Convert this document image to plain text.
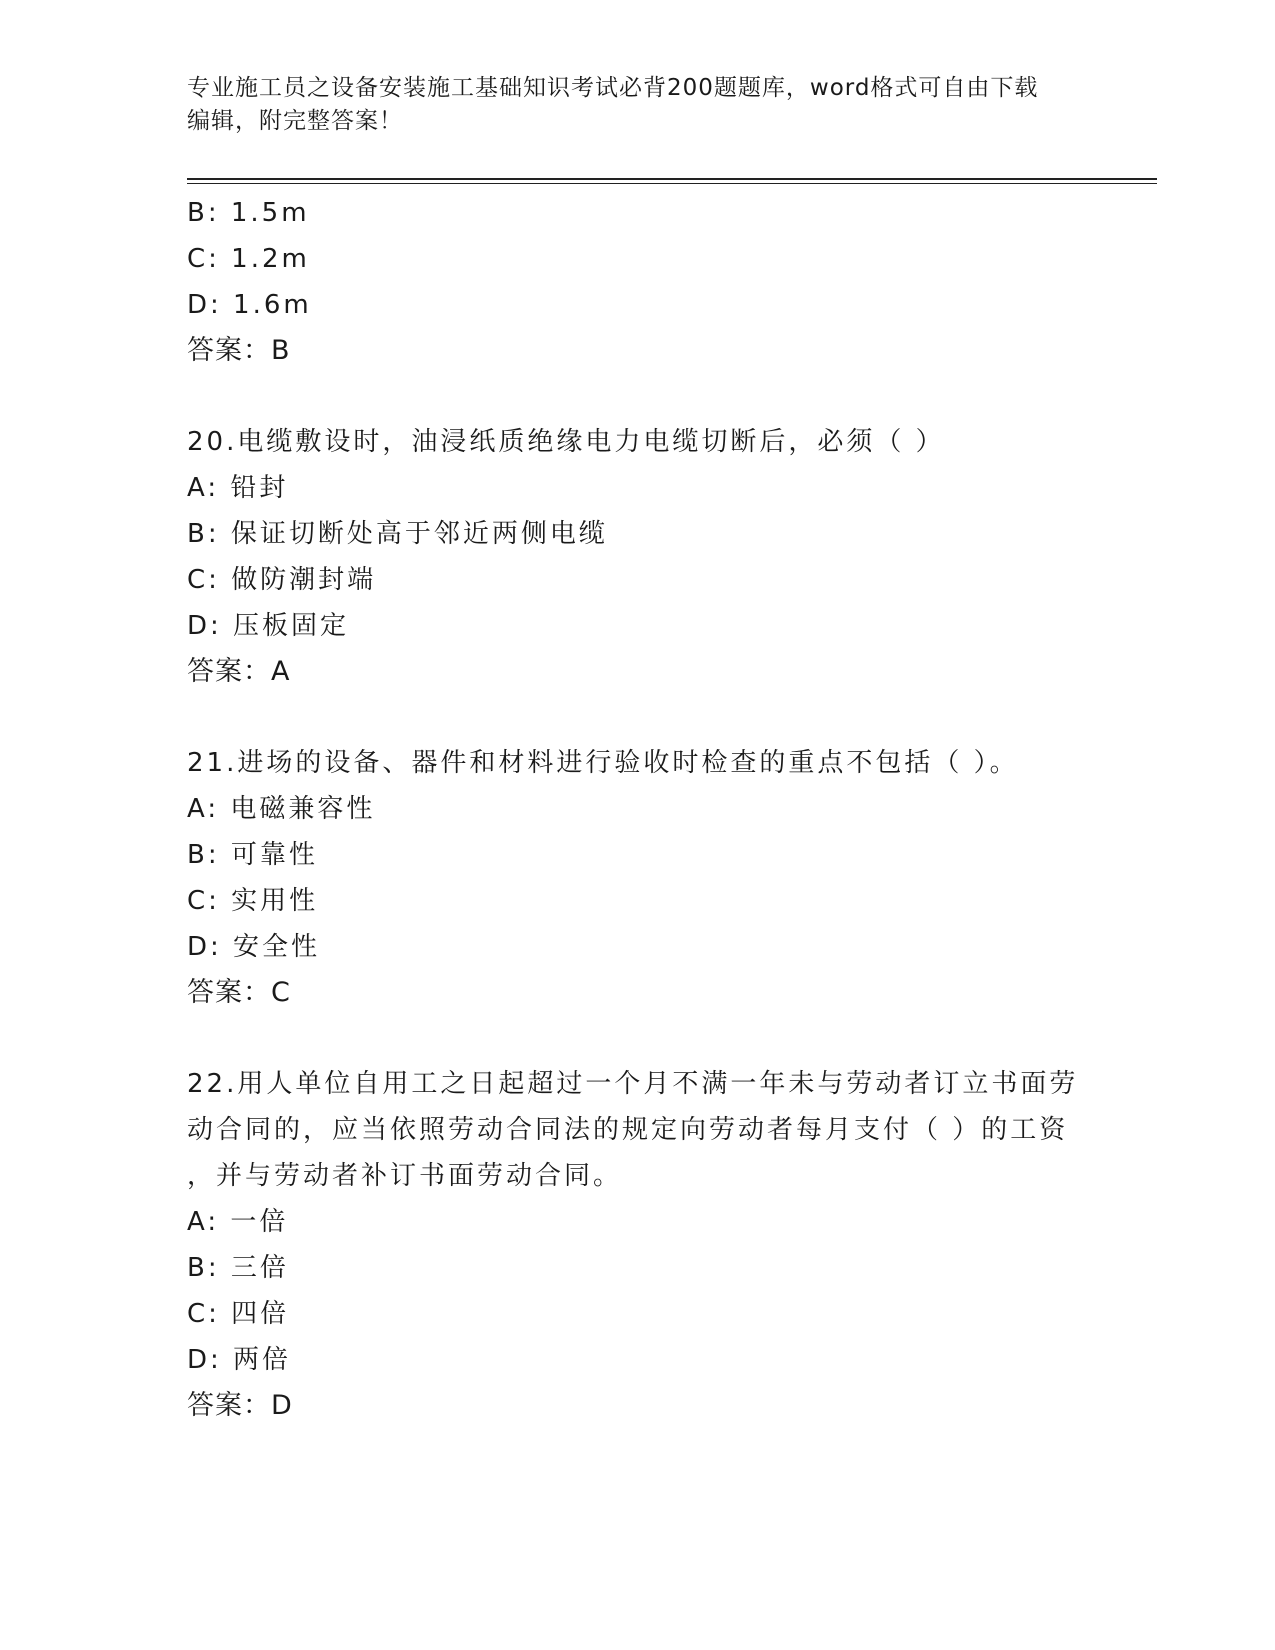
专业施工员之设备安装施工基础知识考试必背200题题库，word格式可自由下载
编辑，附完整答案！
B: 1.5m
C: 1.2m
D: 1.6m
答案：B
20.电缆敷设时，油浸纸质绝缘电力电缆切断后，必须（ ）
A: 铅封
B: 保证切断处高于邻近两侧电缆
C: 做防潮封端
D: 压板固定
答案：A
21.进场的设备、器件和材料进行验收时检查的重点不包括（ ）。
A: 电磁兼容性
B: 可靠性
C: 实用性
D: 安全性
答案：C
22.用人单位自用工之日起超过一个月不满一年未与劳动者订立书面劳
动合同的，应当依照劳动合同法的规定向劳动者每月支付（ ）的工资
，并与劳动者补订书面劳动合同。
A: 一倍
B: 三倍
C: 四倍
D: 两倍
答案：D
